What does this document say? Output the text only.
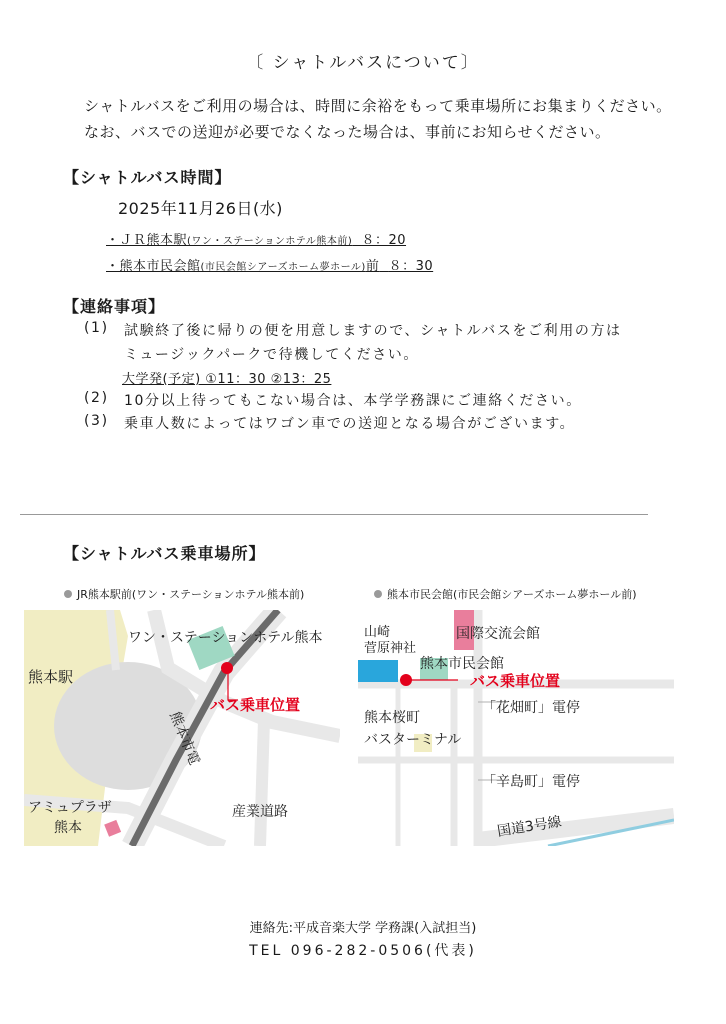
〔 シャトルバスについて〕
シャトルバスをご利用の場合は、時間に余裕をもって乗車場所にお集まりください。
なお、バスでの送迎が必要でなくなった場合は、事前にお知らせください。
【シャトルバス時間】
2025年11月26日(水)
・ＪＲ熊本駅(ワン・ステーションホテル熊本前) ８：20
・熊本市民会館(市民会館シアーズホーム夢ホール)前 ８：30
【連絡事項】
(1) 試験終了後に帰りの便を用意しますので、シャトルバスをご利用の方は
ミュージックパークで待機してください。
大学発(予定) ①11：30 ②13：25
(2) 10分以上待ってもこない場合は、本学学務課にご連絡ください。
(3) 乗車人数によってはワゴン車での送迎となる場合がございます。
【シャトルバス乗車場所】
JR熊本駅前(ワン・ステーションホテル熊本前)	熊本市民会館(市民会館シアーズホーム夢ホール前)
ワン・ステーションホテル熊本
熊本駅
バス乗車位置
熊本市電
アミュプラザ
熊本
産業道路
山崎
菅原神社
国際交流会館
熊本市民会館
バス乗車位置
「花畑町」電停
熊本桜町
バスターミナル
「辛島町」電停
国道3号線
連絡先:平成音楽大学 学務課(入試担当)
TEL 096-282-0506(代表)
